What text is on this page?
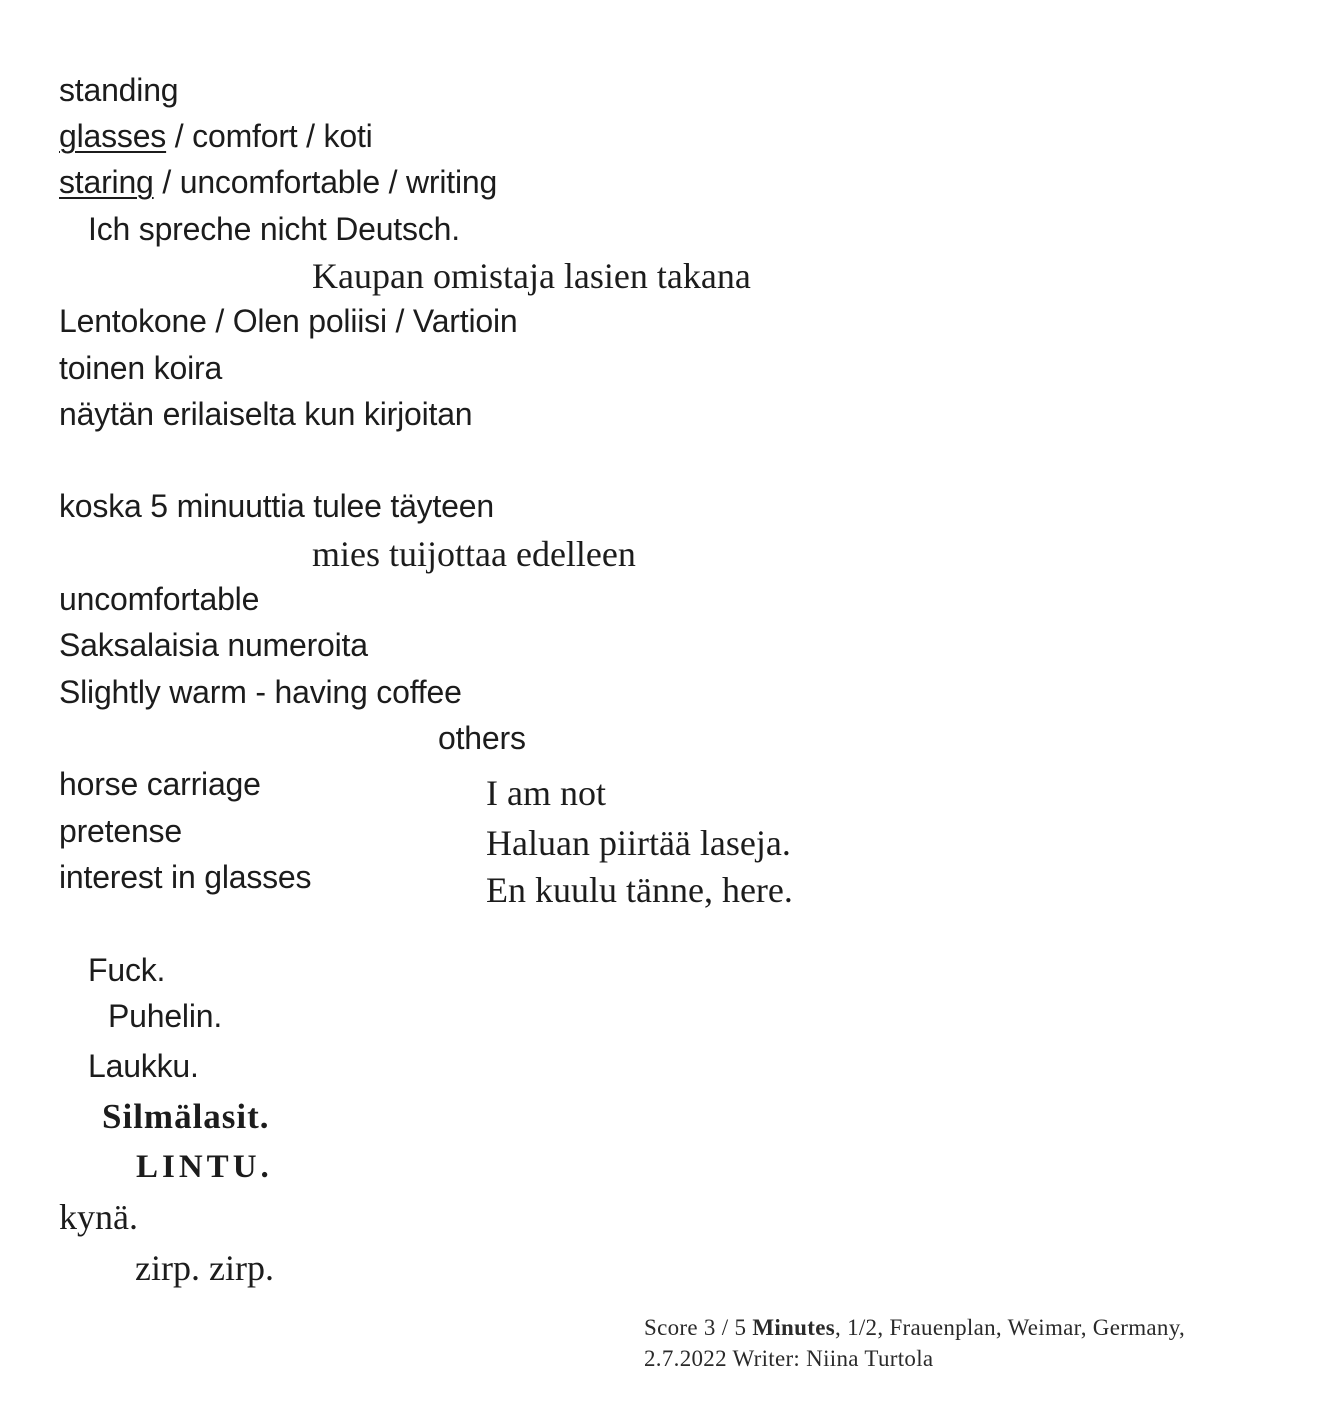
standing
glasses / comfort / koti
staring / uncomfortable / writing
Ich spreche nicht Deutsch.
Kaupan omistaja lasien takana
Lentokone / Olen poliisi / Vartioin
toinen koira
näytän erilaiselta kun kirjoitan
koska 5 minuuttia tulee täyteen
mies tuijottaa edelleen
uncomfortable
Saksalaisia numeroita
Slightly warm - having coffee
others
horse carriage
pretense
interest in glasses
I am not
Haluan piirtää laseja.
En kuulu tänne, here.
Fuck.
Puhelin.
Laukku.
Silmälasit.
LINTU.
kynä.
zirp. zirp.
Score 3 / 5 Minutes, 1/2, Frauenplan, Weimar, Germany,
2.7.2022 Writer: Niina Turtola
